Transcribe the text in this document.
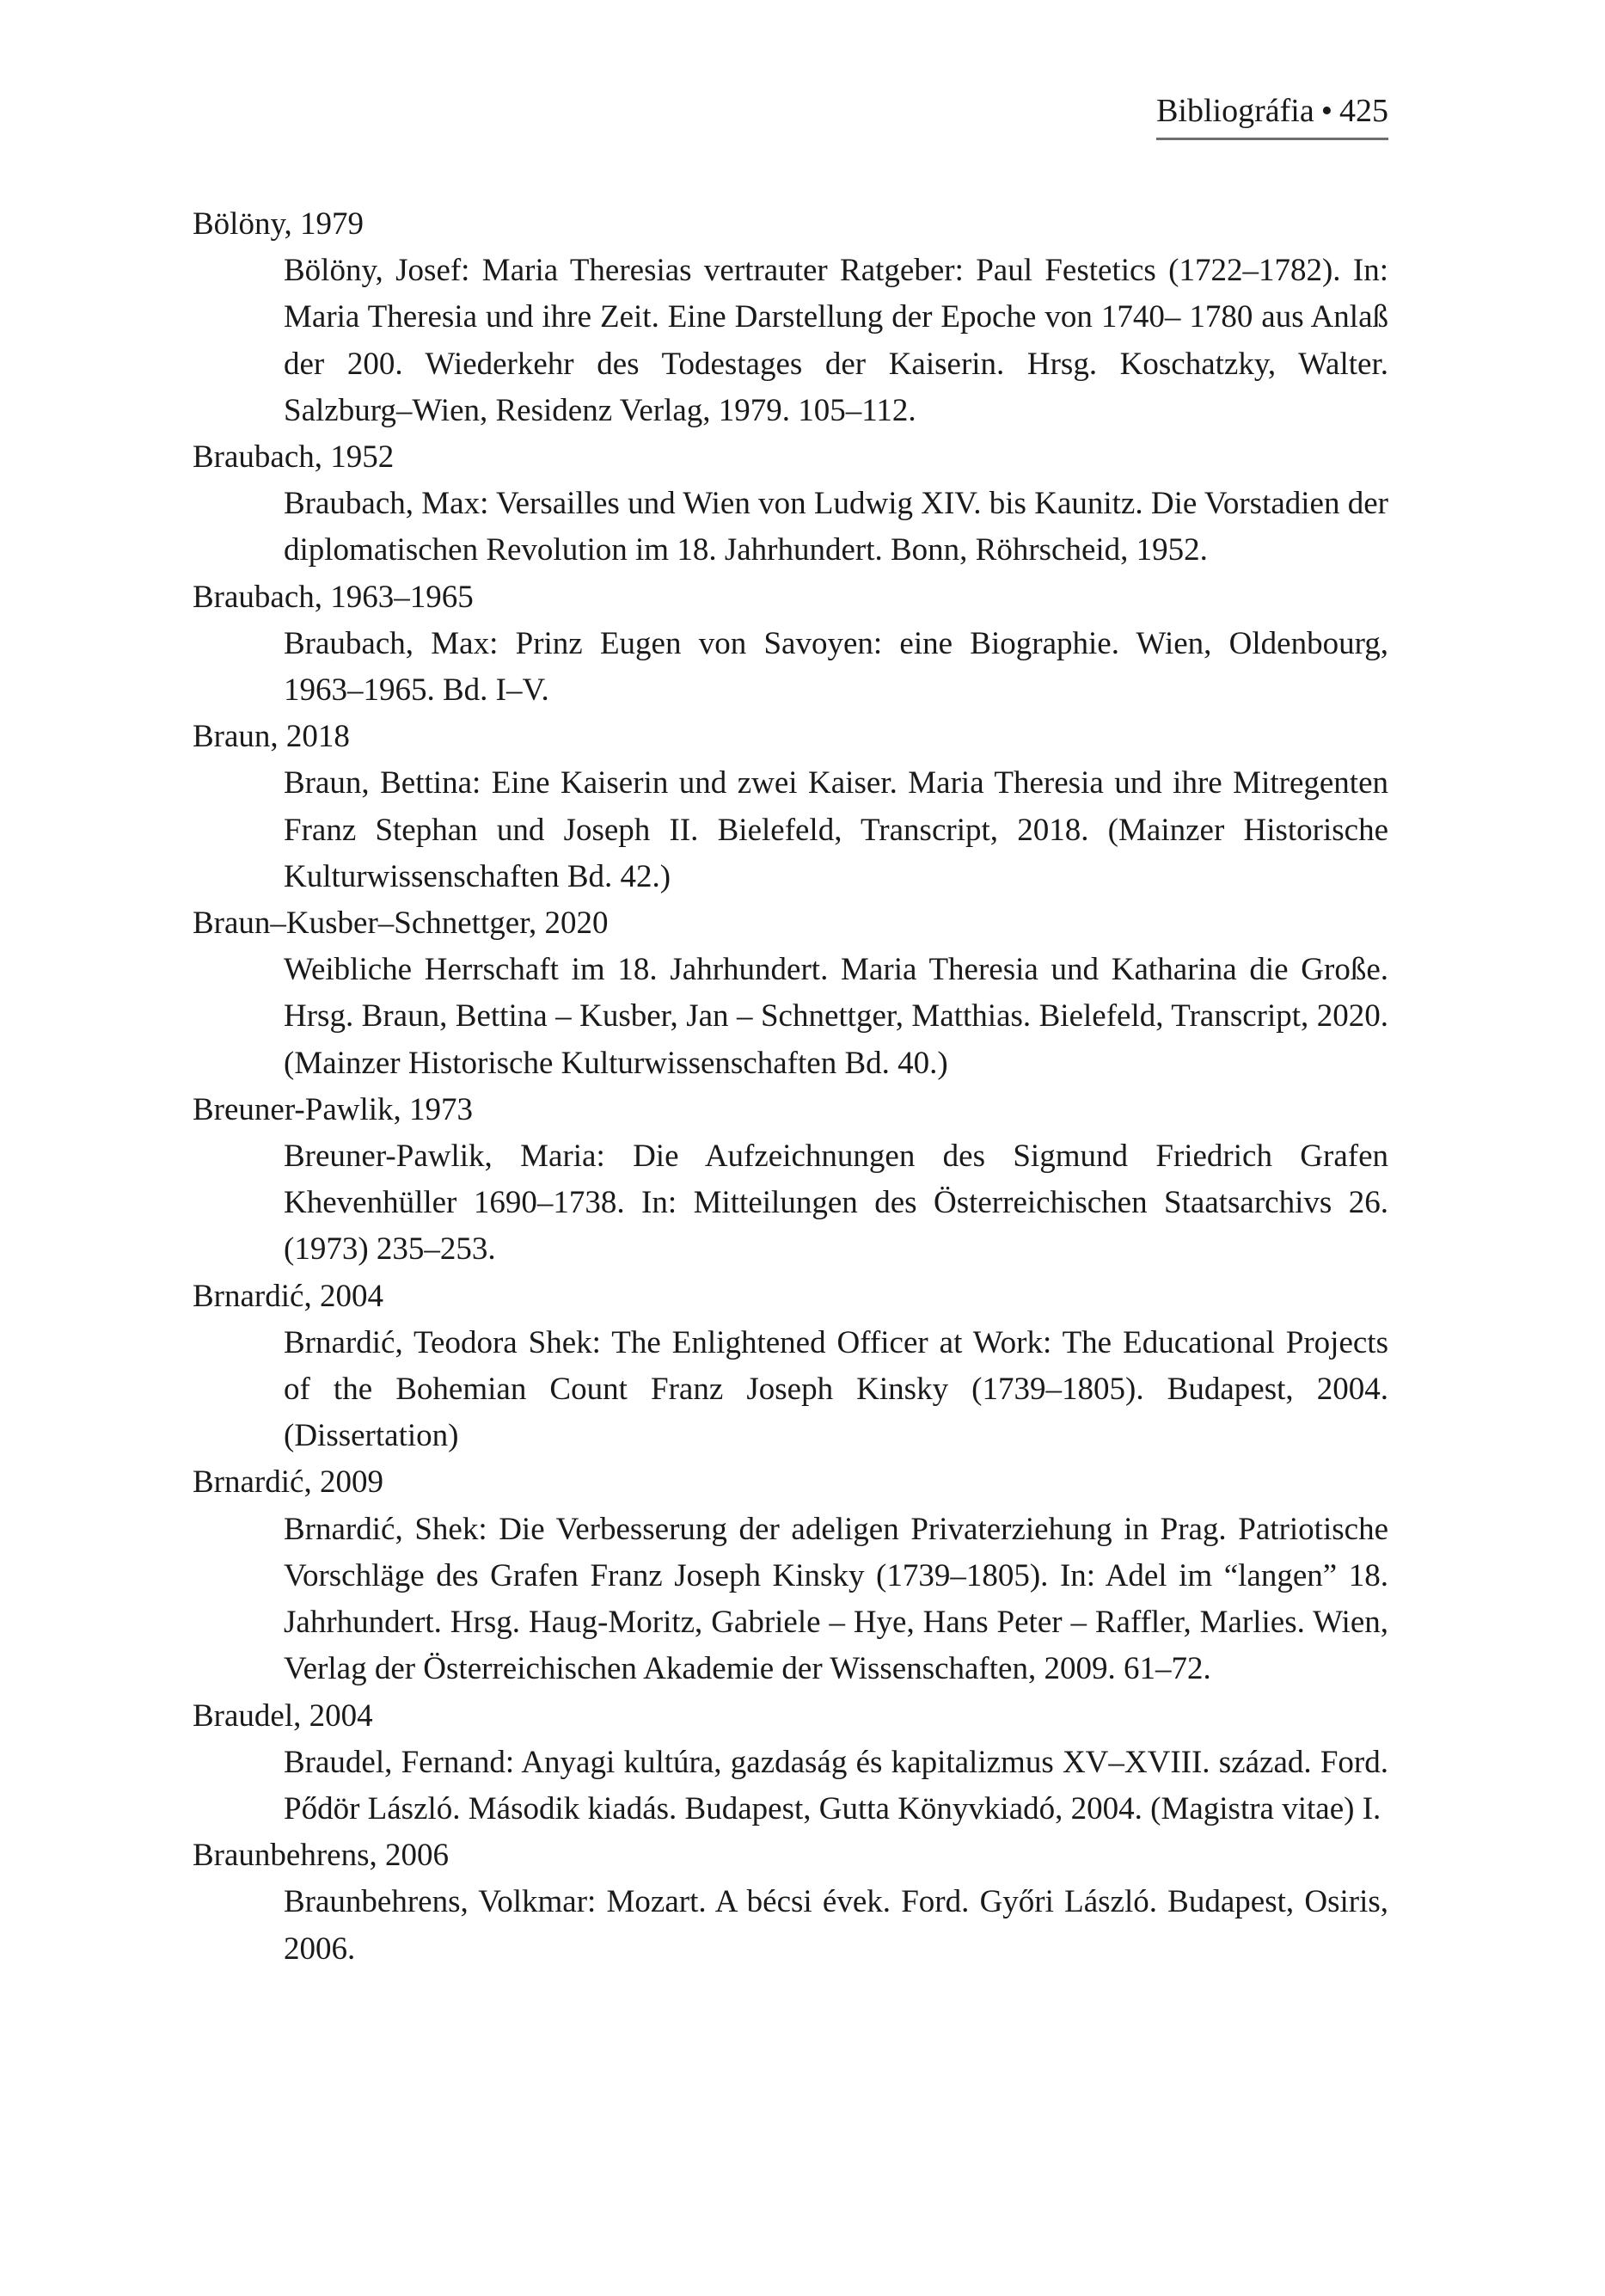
Bibliográfia • 425
Bölöny, 1979
Bölöny, Josef: Maria Theresias vertrauter Ratgeber: Paul Festetics (1722–1782). In: Maria Theresia und ihre Zeit. Eine Darstellung der Epoche von 1740– 1780 aus Anlaß der 200. Wiederkehr des Todestages der Kaiserin. Hrsg. Koschatzky, Walter. Salzburg–Wien, Residenz Verlag, 1979. 105–112.
Braubach, 1952
Braubach, Max: Versailles und Wien von Ludwig XIV. bis Kaunitz. Die Vorstadien der diplomatischen Revolution im 18. Jahrhundert. Bonn, Röhrscheid, 1952.
Braubach, 1963–1965
Braubach, Max: Prinz Eugen von Savoyen: eine Biographie. Wien, Oldenbourg, 1963–1965. Bd. I–V.
Braun, 2018
Braun, Bettina: Eine Kaiserin und zwei Kaiser. Maria Theresia und ihre Mitregenten Franz Stephan und Joseph II. Bielefeld, Transcript, 2018. (Mainzer Historische Kulturwissenschaften Bd. 42.)
Braun–Kusber–Schnettger, 2020
Weibliche Herrschaft im 18. Jahrhundert. Maria Theresia und Katharina die Große. Hrsg. Braun, Bettina – Kusber, Jan – Schnettger, Matthias. Bielefeld, Transcript, 2020. (Mainzer Historische Kulturwissenschaften Bd. 40.)
Breuner-Pawlik, 1973
Breuner-Pawlik, Maria: Die Aufzeichnungen des Sigmund Friedrich Grafen Khevenhüller 1690–1738. In: Mitteilungen des Österreichischen Staatsarchivs 26. (1973) 235–253.
Brnardić, 2004
Brnardić, Teodora Shek: The Enlightened Officer at Work: The Educational Projects of the Bohemian Count Franz Joseph Kinsky (1739–1805). Budapest, 2004. (Dissertation)
Brnardić, 2009
Brnardić, Shek: Die Verbesserung der adeligen Privaterziehung in Prag. Patriotische Vorschläge des Grafen Franz Joseph Kinsky (1739–1805). In: Adel im “langen” 18. Jahrhundert. Hrsg. Haug-Moritz, Gabriele – Hye, Hans Peter – Raffler, Marlies. Wien, Verlag der Österreichischen Akademie der Wissenschaften, 2009. 61–72.
Braudel, 2004
Braudel, Fernand: Anyagi kultúra, gazdaság és kapitalizmus XV–XVIII. század. Ford. Pődör László. Második kiadás. Budapest, Gutta Könyvkiadó, 2004. (Magistra vitae) I.
Braunbehrens, 2006
Braunbehrens, Volkmar: Mozart. A bécsi évek. Ford. Győri László. Budapest, Osiris, 2006.
